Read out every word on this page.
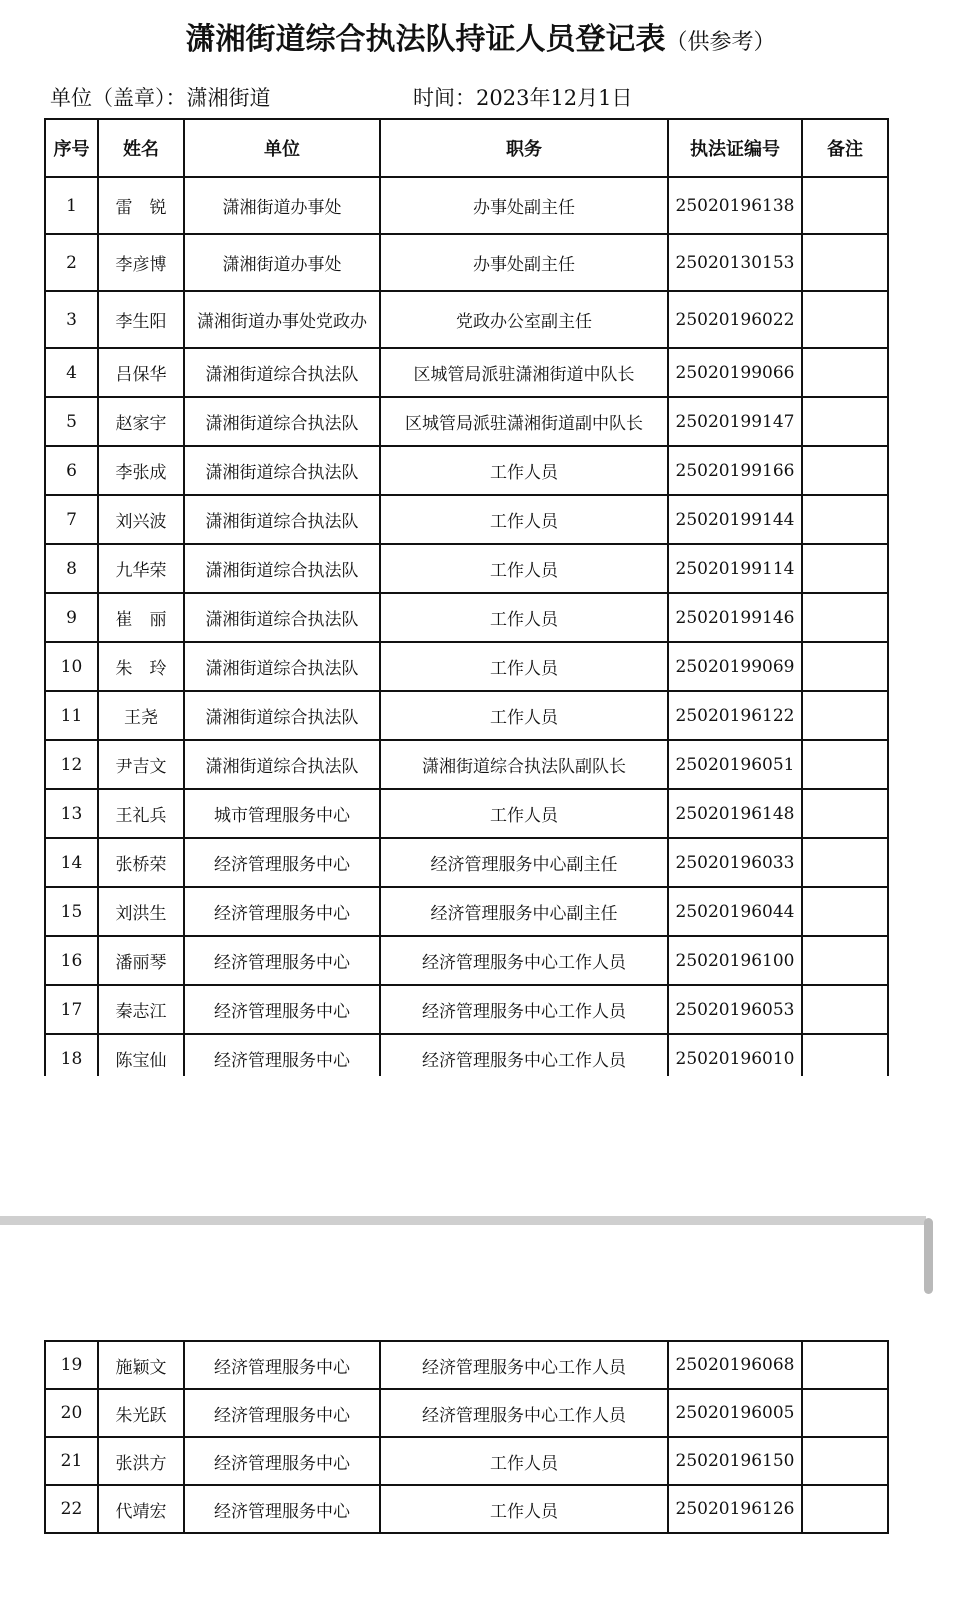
潇湘街道综合执法队持证人员登记表（供参考）
单位（盖章）：潇湘街道	时间：2023年12月1日
序号	姓名	单位	职务	执法证编号	备注
1	雷　锐	潇湘街道办事处	办事处副主任	25020196138	
2	李彦博	潇湘街道办事处	办事处副主任	25020130153	
3	李生阳	潇湘街道办事处党政办	党政办公室副主任	25020196022	
4	吕保华	潇湘街道综合执法队	区城管局派驻潇湘街道中队长	25020199066	
5	赵家宇	潇湘街道综合执法队	区城管局派驻潇湘街道副中队长	25020199147	
6	李张成	潇湘街道综合执法队	工作人员	25020199166	
7	刘兴波	潇湘街道综合执法队	工作人员	25020199144	
8	九华荣	潇湘街道综合执法队	工作人员	25020199114	
9	崔　丽	潇湘街道综合执法队	工作人员	25020199146	
10	朱　玲	潇湘街道综合执法队	工作人员	25020199069	
11	王尧	潇湘街道综合执法队	工作人员	25020196122	
12	尹吉文	潇湘街道综合执法队	潇湘街道综合执法队副队长	25020196051	
13	王礼兵	城市管理服务中心	工作人员	25020196148	
14	张桥荣	经济管理服务中心	经济管理服务中心副主任	25020196033	
15	刘洪生	经济管理服务中心	经济管理服务中心副主任	25020196044	
16	潘丽琴	经济管理服务中心	经济管理服务中心工作人员	25020196100	
17	秦志江	经济管理服务中心	经济管理服务中心工作人员	25020196053	
18	陈宝仙	经济管理服务中心	经济管理服务中心工作人员	25020196010	
19	施颖文	经济管理服务中心	经济管理服务中心工作人员	25020196068	
20	朱光跃	经济管理服务中心	经济管理服务中心工作人员	25020196005	
21	张洪方	经济管理服务中心	工作人员	25020196150	
22	代靖宏	经济管理服务中心	工作人员	25020196126	
